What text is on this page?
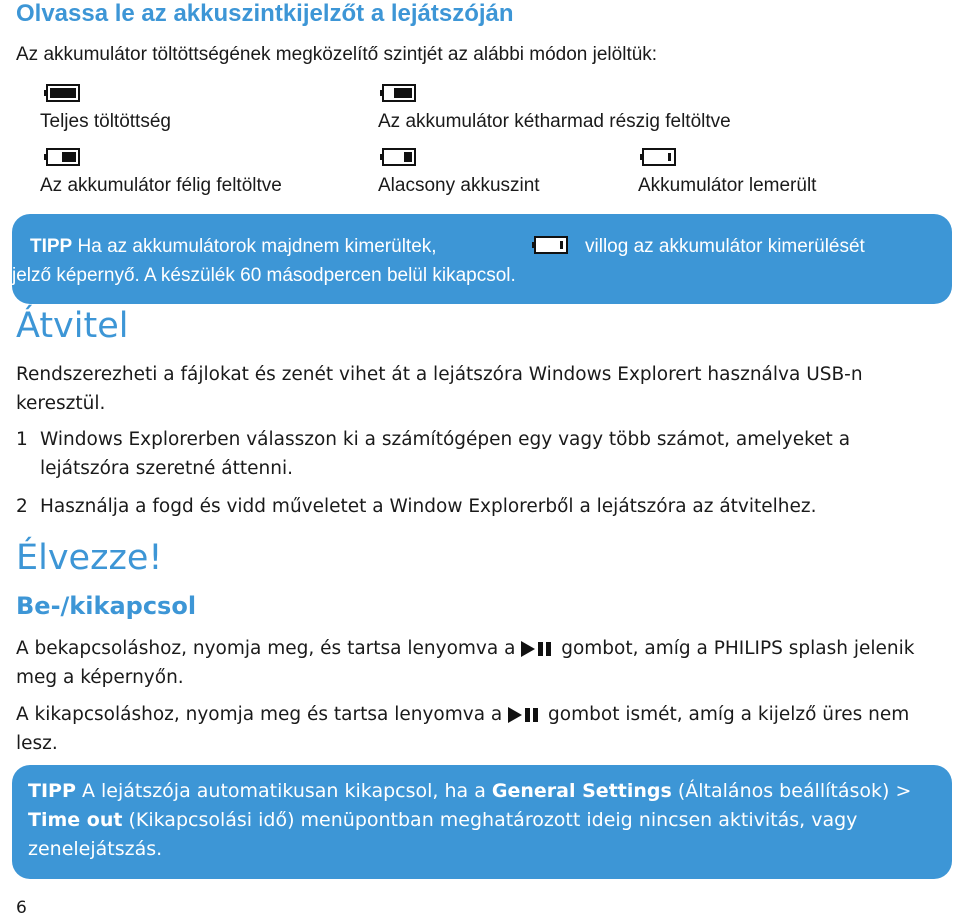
Olvassa le az akkuszintkijelzőt a lejátszóján
Az akkumulátor töltöttségének megközelítő szintjét az alábbi módon jelöltük:
Teljes töltöttség	Az akkumulátor kétharmad részig feltöltve
Az akkumulátor félig feltöltve	Alacsony akkuszint	Akkumulátor lemerült
TIPP Ha az akkumulátorok majdnem kimerültek,	villog az akkumulátor kimerülését
jelző képernyő. A készülék 60 másodpercen belül kikapcsol.
Átvitel
Rendszerezheti a fájlokat és zenét vihet át a lejátszóra Windows Explorert használva USB-n keresztül.
1 Windows Explorerben válasszon ki a számítógépen egy vagy több számot, amelyeket a lejátszóra szeretné áttenni.
2 Használja a fogd és vidd műveletet a Window Explorerből a lejátszóra az átvitelhez.
Élvezze!
Be-/kikapcsol
A bekapcsoláshoz, nyomja meg, és tartsa lenyomva a gombot, amíg a PHILIPS splash jelenik meg a képernyőn.
A kikapcsoláshoz, nyomja meg és tartsa lenyomva a gombot ismét, amíg a kijelző üres nem lesz.
TIPP A lejátszója automatikusan kikapcsol, ha a General Settings (Általános beállítások) > Time out (Kikapcsolási idő) menüpontban meghatározott ideig nincsen aktivitás, vagy zenelejátszás.
6
